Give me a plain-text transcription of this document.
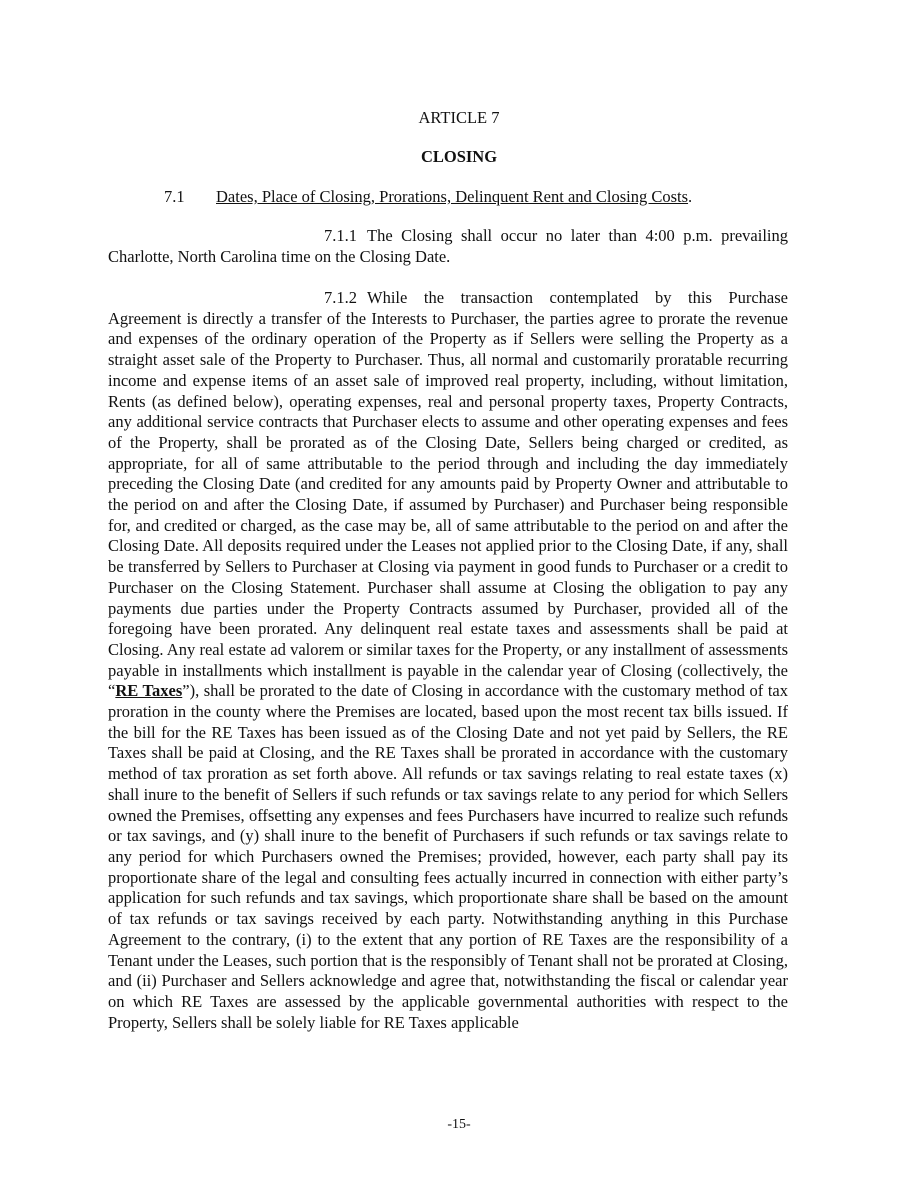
ARTICLE 7
CLOSING
7.1 Dates, Place of Closing, Prorations, Delinquent Rent and Closing Costs.

7.1.1 The Closing shall occur no later than 4:00 p.m. prevailing Charlotte, North Carolina time on the Closing Date.

7.1.2 While the transaction contemplated by this Purchase Agreement is directly a transfer of the Interests to Purchaser, the parties agree to prorate the revenue and expenses of the ordinary operation of the Property as if Sellers were selling the Property as a straight asset sale of the Property to Purchaser. Thus, all normal and customarily proratable recurring income and expense items of an asset sale of improved real property, including, without limitation, Rents (as defined below), operating expenses, real and personal property taxes, Property Contracts, any additional service contracts that Purchaser elects to assume and other operating expenses and fees of the Property, shall be prorated as of the Closing Date, Sellers being charged or credited, as appropriate, for all of same attributable to the period through and including the day immediately preceding the Closing Date (and credited for any amounts paid by Property Owner and attributable to the period on and after the Closing Date, if assumed by Purchaser) and Purchaser being responsible for, and credited or charged, as the case may be, all of same attributable to the period on and after the Closing Date. All deposits required under the Leases not applied prior to the Closing Date, if any, shall be transferred by Sellers to Purchaser at Closing via payment in good funds to Purchaser or a credit to Purchaser on the Closing Statement. Purchaser shall assume at Closing the obligation to pay any payments due parties under the Property Contracts assumed by Purchaser, provided all of the foregoing have been prorated. Any delinquent real estate taxes and assessments shall be paid at Closing. Any real estate ad valorem or similar taxes for the Property, or any installment of assessments payable in installments which installment is payable in the calendar year of Closing (collectively, the “RE Taxes”), shall be prorated to the date of Closing in accordance with the customary method of tax proration in the county where the Premises are located, based upon the most recent tax bills issued. If the bill for the RE Taxes has been issued as of the Closing Date and not yet paid by Sellers, the RE Taxes shall be paid at Closing, and the RE Taxes shall be prorated in accordance with the customary method of tax proration as set forth above. All refunds or tax savings relating to real estate taxes (x) shall inure to the benefit of Sellers if such refunds or tax savings relate to any period for which Sellers owned the Premises, offsetting any expenses and fees Purchasers have incurred to realize such refunds or tax savings, and (y) shall inure to the benefit of Purchasers if such refunds or tax savings relate to any period for which Purchasers owned the Premises; provided, however, each party shall pay its proportionate share of the legal and consulting fees actually incurred in connection with either party’s application for such refunds and tax savings, which proportionate share shall be based on the amount of tax refunds or tax savings received by each party. Notwithstanding anything in this Purchase Agreement to the contrary, (i) to the extent that any portion of RE Taxes are the responsibility of a Tenant under the Leases, such portion that is the responsibly of Tenant shall not be prorated at Closing, and (ii) Purchaser and Sellers acknowledge and agree that, notwithstanding the fiscal or calendar year on which RE Taxes are assessed by the applicable governmental authorities with respect to the Property, Sellers shall be solely liable for RE Taxes applicable

-15-
